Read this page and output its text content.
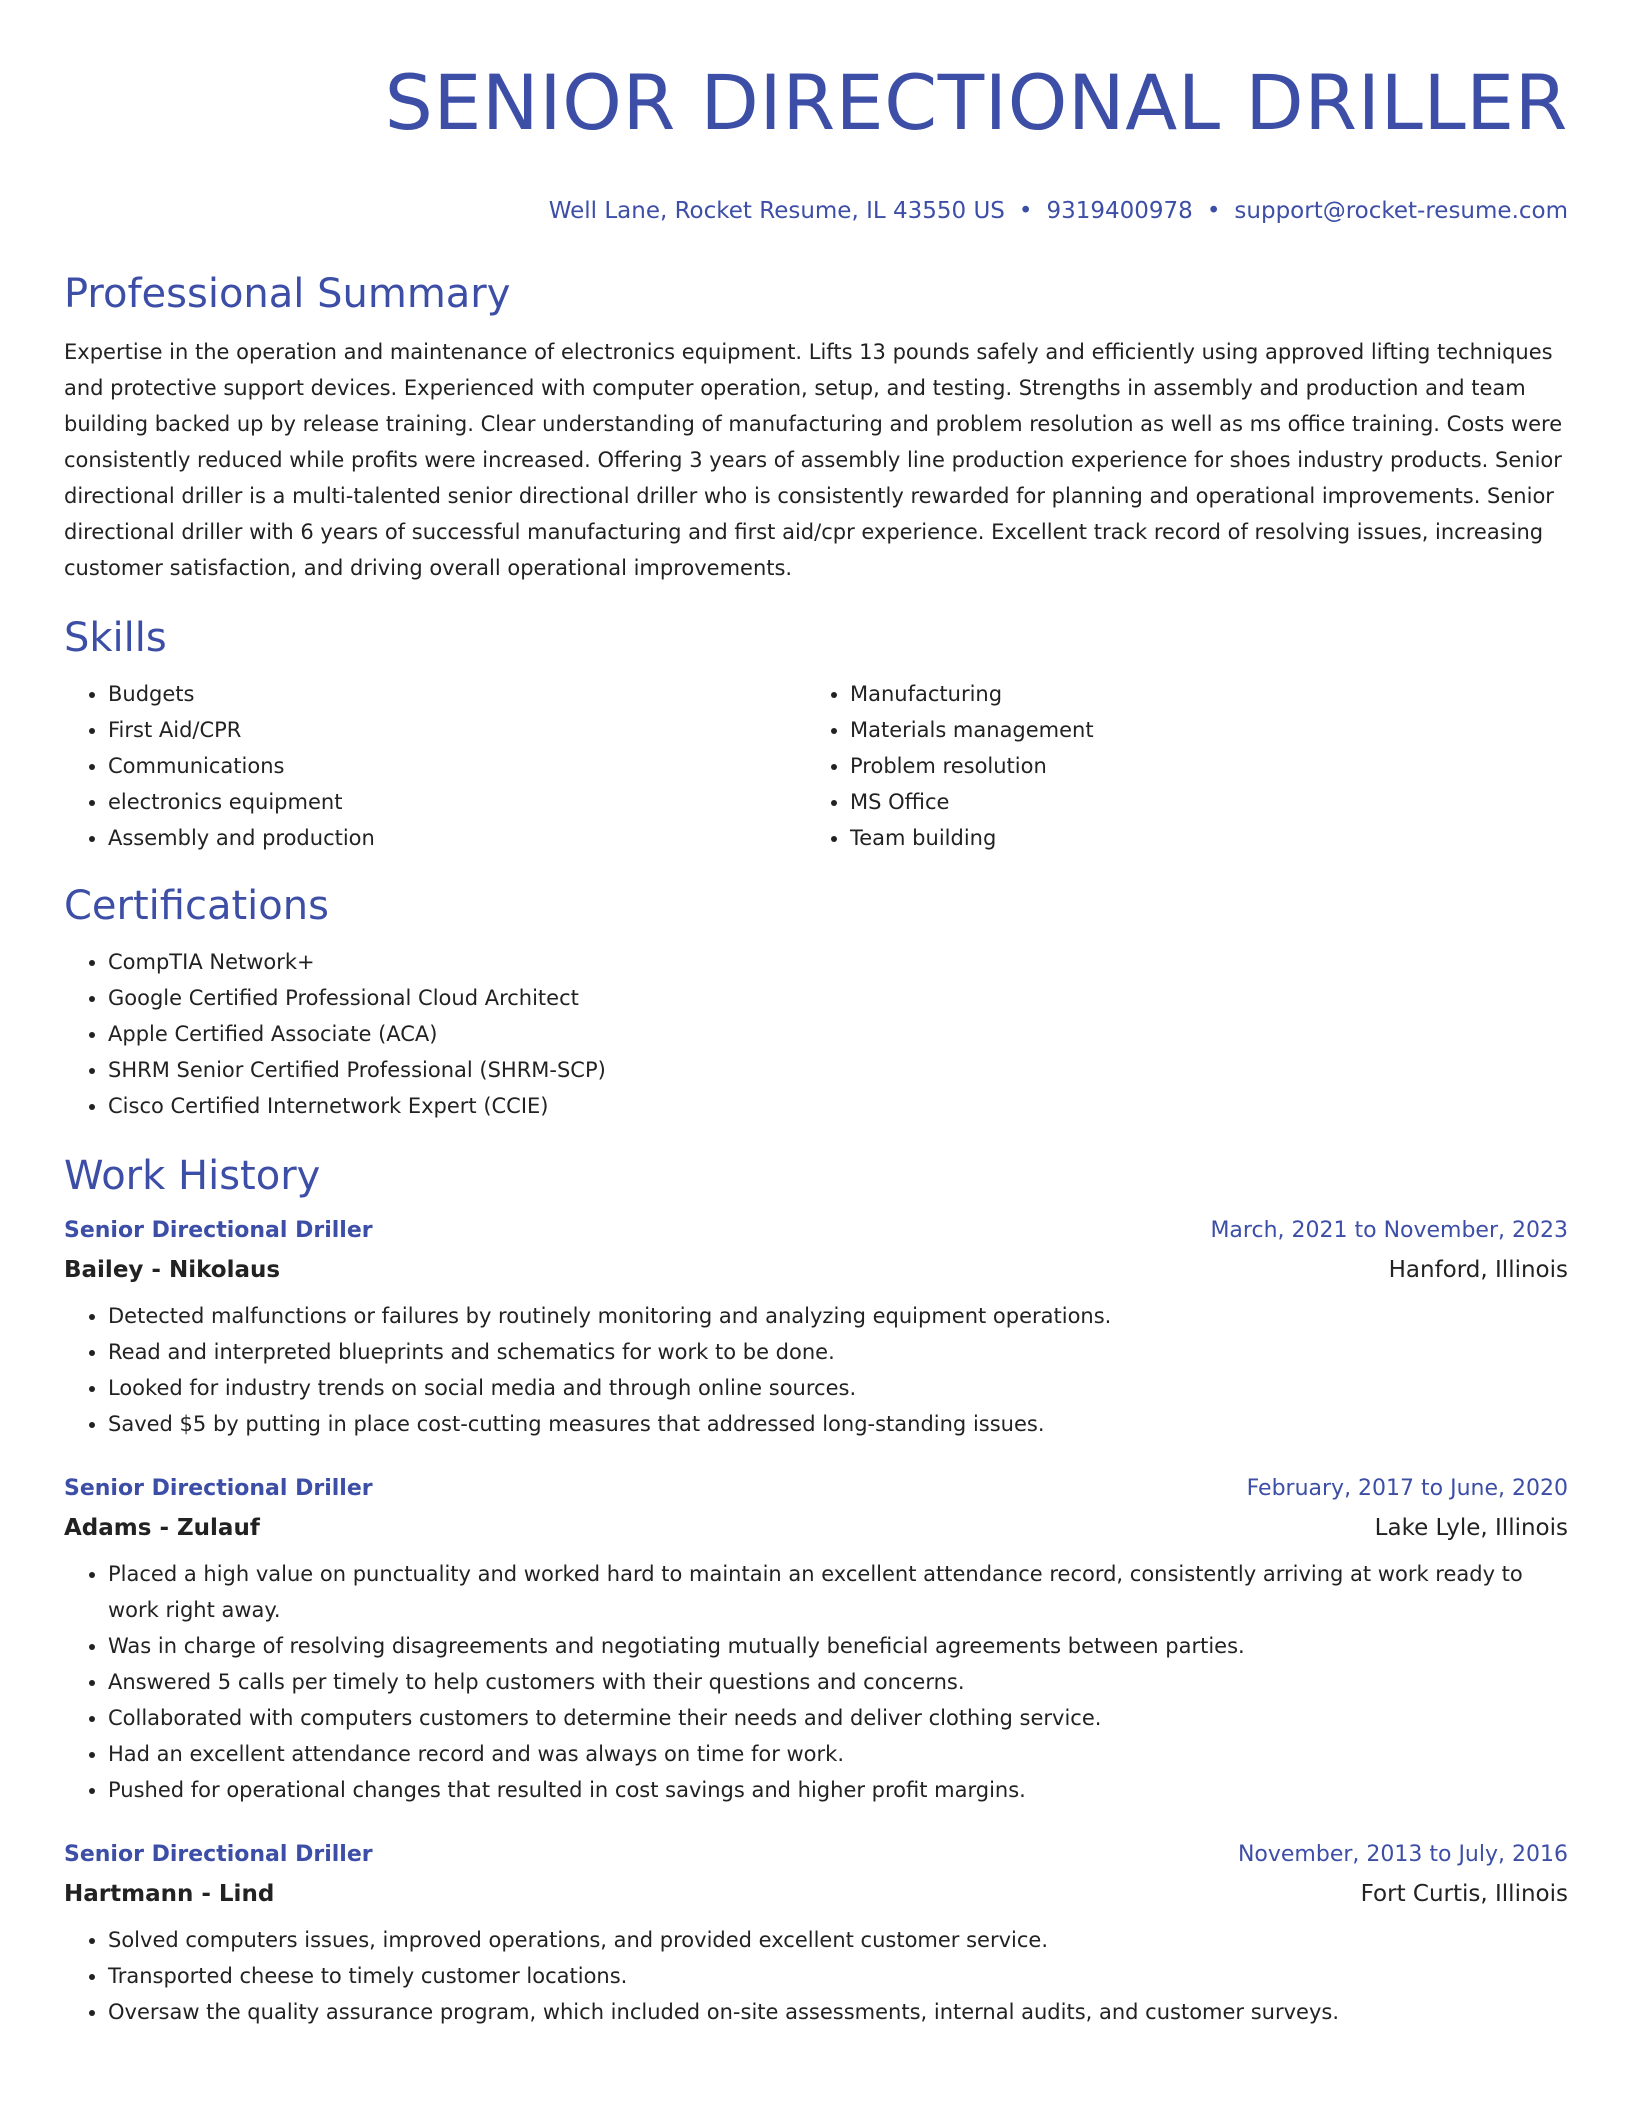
SENIOR DIRECTIONAL DRILLER
Well Lane, Rocket Resume, IL 43550 US • 9319400978 • support@rocket-resume.com
Professional Summary

Expertise in the operation and maintenance of electronics equipment. Lifts 13 pounds safely and efficiently using approved lifting techniques and protective support devices. Experienced with computer operation, setup, and testing. Strengths in assembly and production and team building backed up by release training. Clear understanding of manufacturing and problem resolution as well as ms office training. Costs were consistently reduced while profits were increased. Offering 3 years of assembly line production experience for shoes industry products. Senior directional driller is a multi-talented senior directional driller who is consistently rewarded for planning and operational improvements. Senior directional driller with 6 years of successful manufacturing and first aid/cpr experience. Excellent track record of resolving issues, increasing customer satisfaction, and driving overall operational improvements.

Skills
• Budgets
• First Aid/CPR
• Communications
• electronics equipment
• Assembly and production
• Manufacturing
• Materials management
• Problem resolution
• MS Office
• Team building
Certifications
• CompTIA Network+
• Google Certified Professional Cloud Architect
• Apple Certified Associate (ACA)
• SHRM Senior Certified Professional (SHRM-SCP)
• Cisco Certified Internetwork Expert (CCIE)
Work History
Senior Directional Driller	March, 2021 to November, 2023
Bailey - Nikolaus	Hanford, Illinois
• Detected malfunctions or failures by routinely monitoring and analyzing equipment operations.
• Read and interpreted blueprints and schematics for work to be done.
• Looked for industry trends on social media and through online sources.
• Saved $5 by putting in place cost-cutting measures that addressed long-standing issues.
Senior Directional Driller	February, 2017 to June, 2020
Adams - Zulauf	Lake Lyle, Illinois
• Placed a high value on punctuality and worked hard to maintain an excellent attendance record, consistently arriving at work ready to work right away.
• Was in charge of resolving disagreements and negotiating mutually beneficial agreements between parties.
• Answered 5 calls per timely to help customers with their questions and concerns.
• Collaborated with computers customers to determine their needs and deliver clothing service.
• Had an excellent attendance record and was always on time for work.
• Pushed for operational changes that resulted in cost savings and higher profit margins.
Senior Directional Driller	November, 2013 to July, 2016
Hartmann - Lind	Fort Curtis, Illinois
• Solved computers issues, improved operations, and provided excellent customer service.
• Transported cheese to timely customer locations.
• Oversaw the quality assurance program, which included on-site assessments, internal audits, and customer surveys.
